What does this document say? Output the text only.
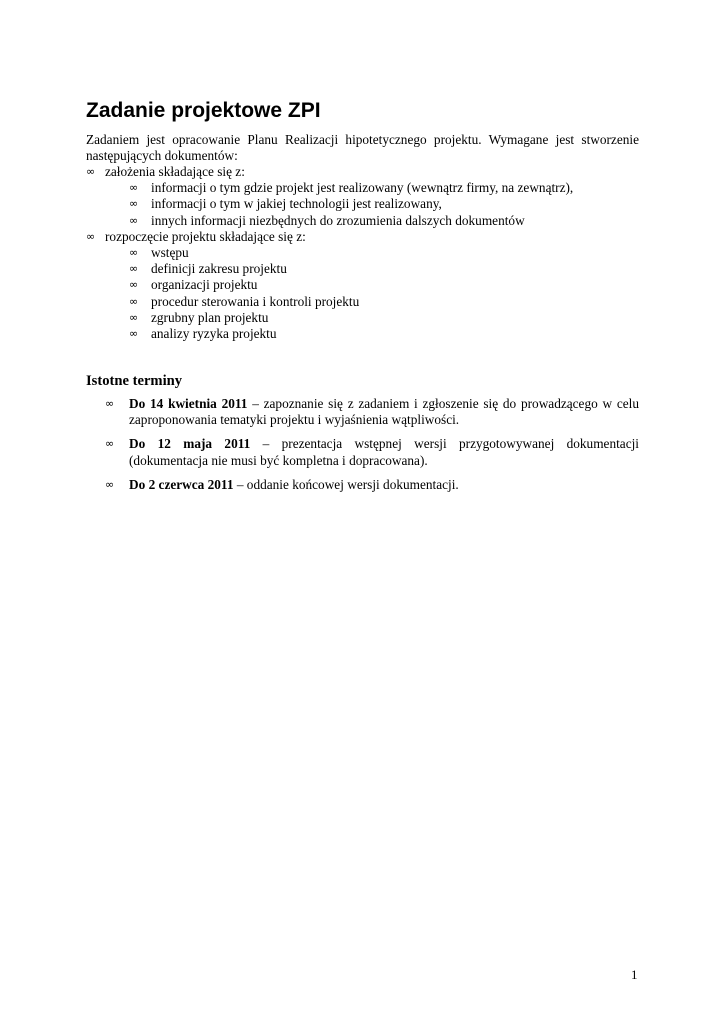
Zadanie projektowe ZPI

Zadaniem jest opracowanie Planu Realizacji hipotetycznego projektu. Wymagane jest stworzenie następujących dokumentów:

∞ założenia składające się z:
∞ informacji o tym gdzie projekt jest realizowany (wewnątrz firmy, na zewnątrz),
∞ informacji o tym w jakiej technologii jest realizowany,
∞ innych informacji niezbędnych do zrozumienia dalszych dokumentów
∞ rozpoczęcie projektu składające się z:
∞ wstępu
∞ definicji zakresu projektu
∞ organizacji projektu
∞ procedur sterowania i kontroli projektu
∞ zgrubny plan projektu
∞ analizy ryzyka projektu
Istotne terminy
∞ Do 14 kwietnia 2011 – zapoznanie się z zadaniem i zgłoszenie się do prowadzącego w celu zaproponowania tematyki projektu i wyjaśnienia wątpliwości.
∞ Do 12 maja 2011 – prezentacja wstępnej wersji przygotowywanej dokumentacji (dokumentacja nie musi być kompletna i dopracowana).
∞ Do 2 czerwca 2011 – oddanie końcowej wersji dokumentacji.
1
